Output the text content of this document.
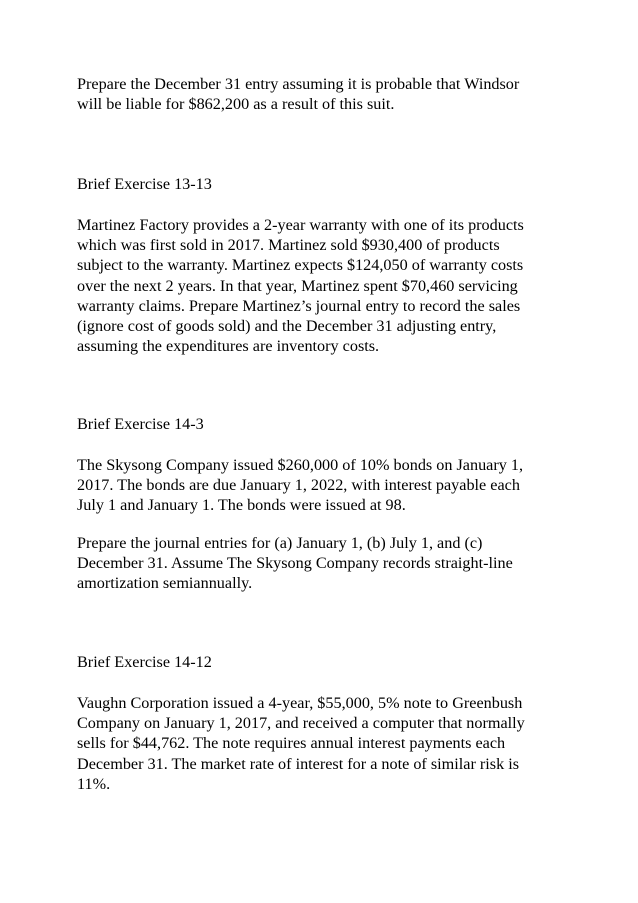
Prepare the December 31 entry assuming it is probable that Windsor
will be liable for $862,200 as a result of this suit.

Brief Exercise 13-13

Martinez Factory provides a 2-year warranty with one of its products
which was first sold in 2017. Martinez sold $930,400 of products
subject to the warranty. Martinez expects $124,050 of warranty costs
over the next 2 years. In that year, Martinez spent $70,460 servicing
warranty claims. Prepare Martinez’s journal entry to record the sales
(ignore cost of goods sold) and the December 31 adjusting entry,
assuming the expenditures are inventory costs.

Brief Exercise 14-3

The Skysong Company issued $260,000 of 10% bonds on January 1,
2017. The bonds are due January 1, 2022, with interest payable each
July 1 and January 1. The bonds were issued at 98.

Prepare the journal entries for (a) January 1, (b) July 1, and (c)
December 31. Assume The Skysong Company records straight-line
amortization semiannually.

Brief Exercise 14-12

Vaughn Corporation issued a 4-year, $55,000, 5% note to Greenbush
Company on January 1, 2017, and received a computer that normally
sells for $44,762. The note requires annual interest payments each
December 31. The market rate of interest for a note of similar risk is
11%.
